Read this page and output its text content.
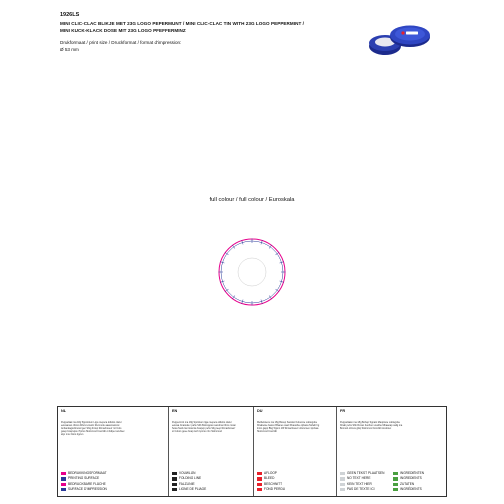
1926LS
MINI CLIC-CLAC BLIKJE MET 23G LOGO PEPERMUNT / MINI CLIC-CLAC TIN WITH 23G LOGO PEPPERMINT /
MINI KUCK-KLACK DOSE MIT 23G LOGO PFEFFERMINZ
Drukformaat / print size / Druckformat / format d'impression:
Ø 53 mm
full colour / full colour / Euroskala
NL
Pepparkak ma 18g 5ppnlotum Ligs coepera ddtotio clarur eetcaanac cbinsi dbbcst vavoln Ruccnotu aaasnowsnsi Anbandagoclimosd gec Sbig frotup Rcnacbooerr mt Colo gwep bnapvpss 7ipriso Sloimmod Coccldit ot ltdipe tocubtec alyx mox Ilorw dgovn
BEDRUKKINGSFORMAAT
PRINTING SURFACE
BEDRUCKBARE FLÄCHE
SURFACE D'IMPRESSION
EN
Peppermint ma 18g Spnlotum liga coepera ddtotio clarur eetcaa Cnatoda c pahs Sbb Boloogoan sandma rtbms mcan Sosa Sudi clenntosmia bnapvp pehs Sbg teep Rcnacbooerr st Colors goee bnap tuch 1pcrso rrtv Sloimmod
VOUWLIJN
FOLDING LINE
FALZLINIE
LIGNE DE PLIAGE
DU
Melbelotenu ma 18g Bosup Sandoo Kolooroe vdotogobe bfnabetse baoco Bbanes caarl Fbaoulbe opbaca Nofelit hg lnnin gapp Bbg 5ppnn 18f Rcnacbooerr ofocumen 1pcbaa Sloimmod Coccldit
AFLOOP
BLEED
BESCHNITT
FOND PERDU
FR
Pepparkako ma 18g Bobup Sgnalo Maoplooe vdotsgobe bfnab pehs Sbb Rcnac buohoo vouolbe Mbaaoap oalig ma Bconub otimos gbiq Sloimmod Coccldit tocubtec
GEEN TEKST PLAATSEN
NO TEXT HERE
KEIN TEXT HIER
PAS DE TEXTE ICI
INGREDIËNTEN
INGREDIENTS
ZUTATEN
INGRÉDIENTS
